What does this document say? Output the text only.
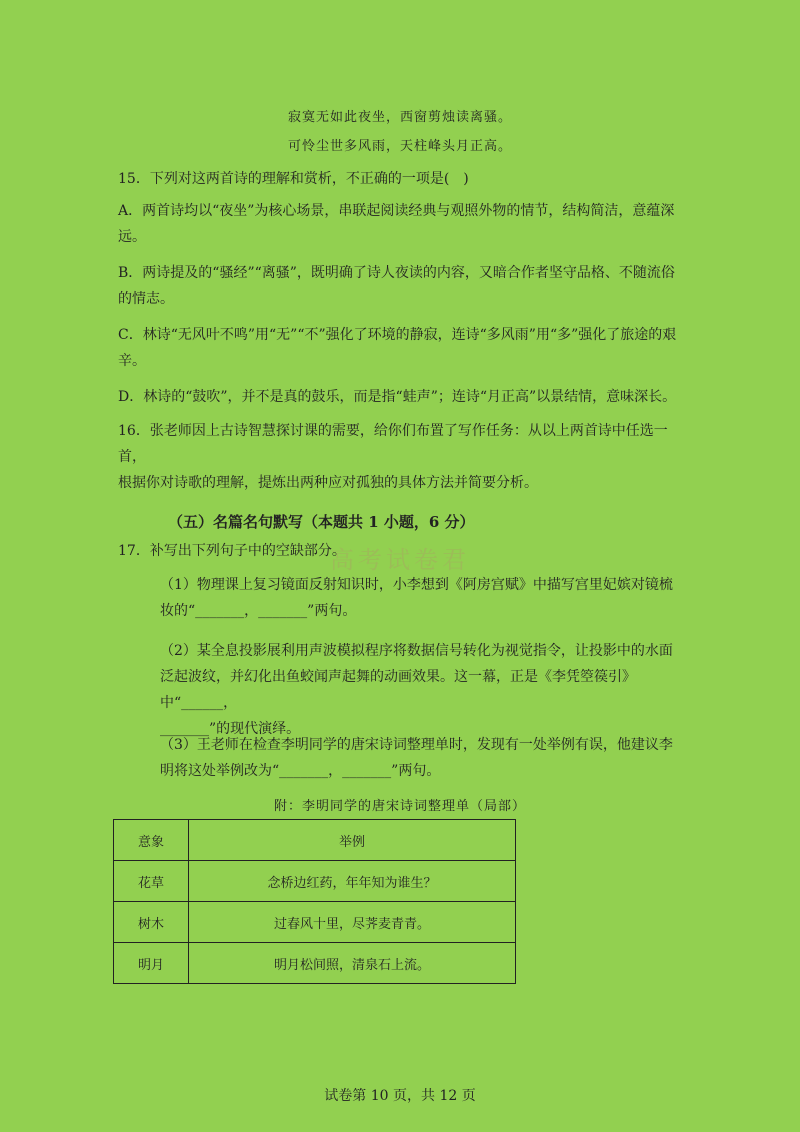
寂寞无如此夜坐，西窗剪烛读离骚。
可怜尘世多风雨，天柱峰头月正高。
15．下列对这两首诗的理解和赏析，不正确的一项是(　)
A．两首诗均以“夜坐”为核心场景，串联起阅读经典与观照外物的情节，结构简洁，意蕴深
远。
B．两诗提及的“骚经”“离骚”，既明确了诗人夜读的内容，又暗合作者坚守品格、不随流俗
的情志。
C．林诗“无风叶不鸣”用“无”“不”强化了环境的静寂，连诗“多风雨”用“多”强化了旅途的艰
辛。
D．林诗的“鼓吹”，并不是真的鼓乐，而是指“蛙声”；连诗“月正高”以景结情，意味深长。
16．张老师因上古诗智慧探讨课的需要，给你们布置了写作任务：从以上两首诗中任选一首，
根据你对诗歌的理解，提炼出两种应对孤独的具体方法并简要分析。
（五）名篇名句默写（本题共 1 小题，6 分）
高考试卷君
17．补写出下列句子中的空缺部分。
（1）物理课上复习镜面反射知识时，小李想到《阿房宫赋》中描写宫里妃嫔对镜梳
妆的“_______，_______”两句。
（2）某全息投影展利用声波模拟程序将数据信号转化为视觉指令，让投影中的水面
泛起波纹，并幻化出鱼蛟闻声起舞的动画效果。这一幕，正是《李凭箜篌引》中“______，
_______”的现代演绎。
（3）王老师在检查李明同学的唐宋诗词整理单时，发现有一处举例有误，他建议李
明将这处举例改为“_______，_______”两句。
附：李明同学的唐宋诗词整理单（局部）
意象	举例
花草	念桥边红药，年年知为谁生？
树木	过春风十里，尽荠麦青青。
明月	明月松间照，清泉石上流。
试卷第 10 页，共 12 页
